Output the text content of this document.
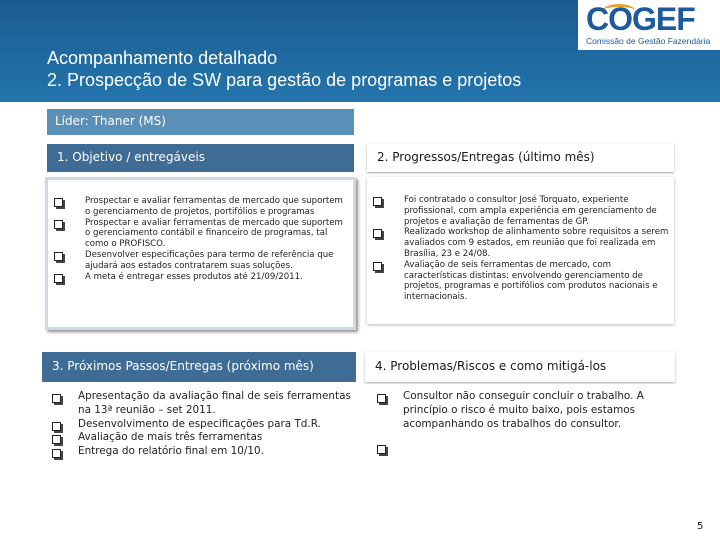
Acompanhamento detalhado
2. Prospecção de SW para gestão de programas e projetos
COGEF
Comissão de Gestão Fazendária
Líder: Thaner (MS)
1. Objetivo / entregáveis
Prospectar e avaliar ferramentas de mercado que suportem o gerenciamento de projetos, portifólios e programas
Prospectar e avaliar ferramentas de mercado que suportem o gerenciamento contábil e financeiro de programas, tal como o PROFISCO.
Desenvolver especificações para termo de referência que ajudará aos estados contratarem suas soluções.
A meta é entregar esses produtos até 21/09/2011.
2. Progressos/Entregas (último mês)
Foi contratado o consultor José Torquato, experiente profissional, com ampla experiência em gerenciamento de projetos e avaliação de ferramentas de GP.
Realizado workshop de alinhamento sobre requisitos a serem avaliados com 9 estados, em reunião que foi realizada em Brasília, 23 e 24/08.
Avaliação de seis ferramentas de mercado, com características distintas: envolvendo gerenciamento de projetos, programas e portifólios com produtos nacionais e internacionais.
3. Próximos Passos/Entregas (próximo mês)
Apresentação da avaliação final de seis ferramentas na 13ª reunião – set 2011.
Desenvolvimento de especificações para Td.R.
Avaliação de mais três ferramentas
Entrega do relatório final em 10/10.
4. Problemas/Riscos e como mitigá-los
Consultor não conseguir concluir o trabalho. A princípio o risco é muito baixo, pois estamos acompanhando os trabalhos do consultor.
5
